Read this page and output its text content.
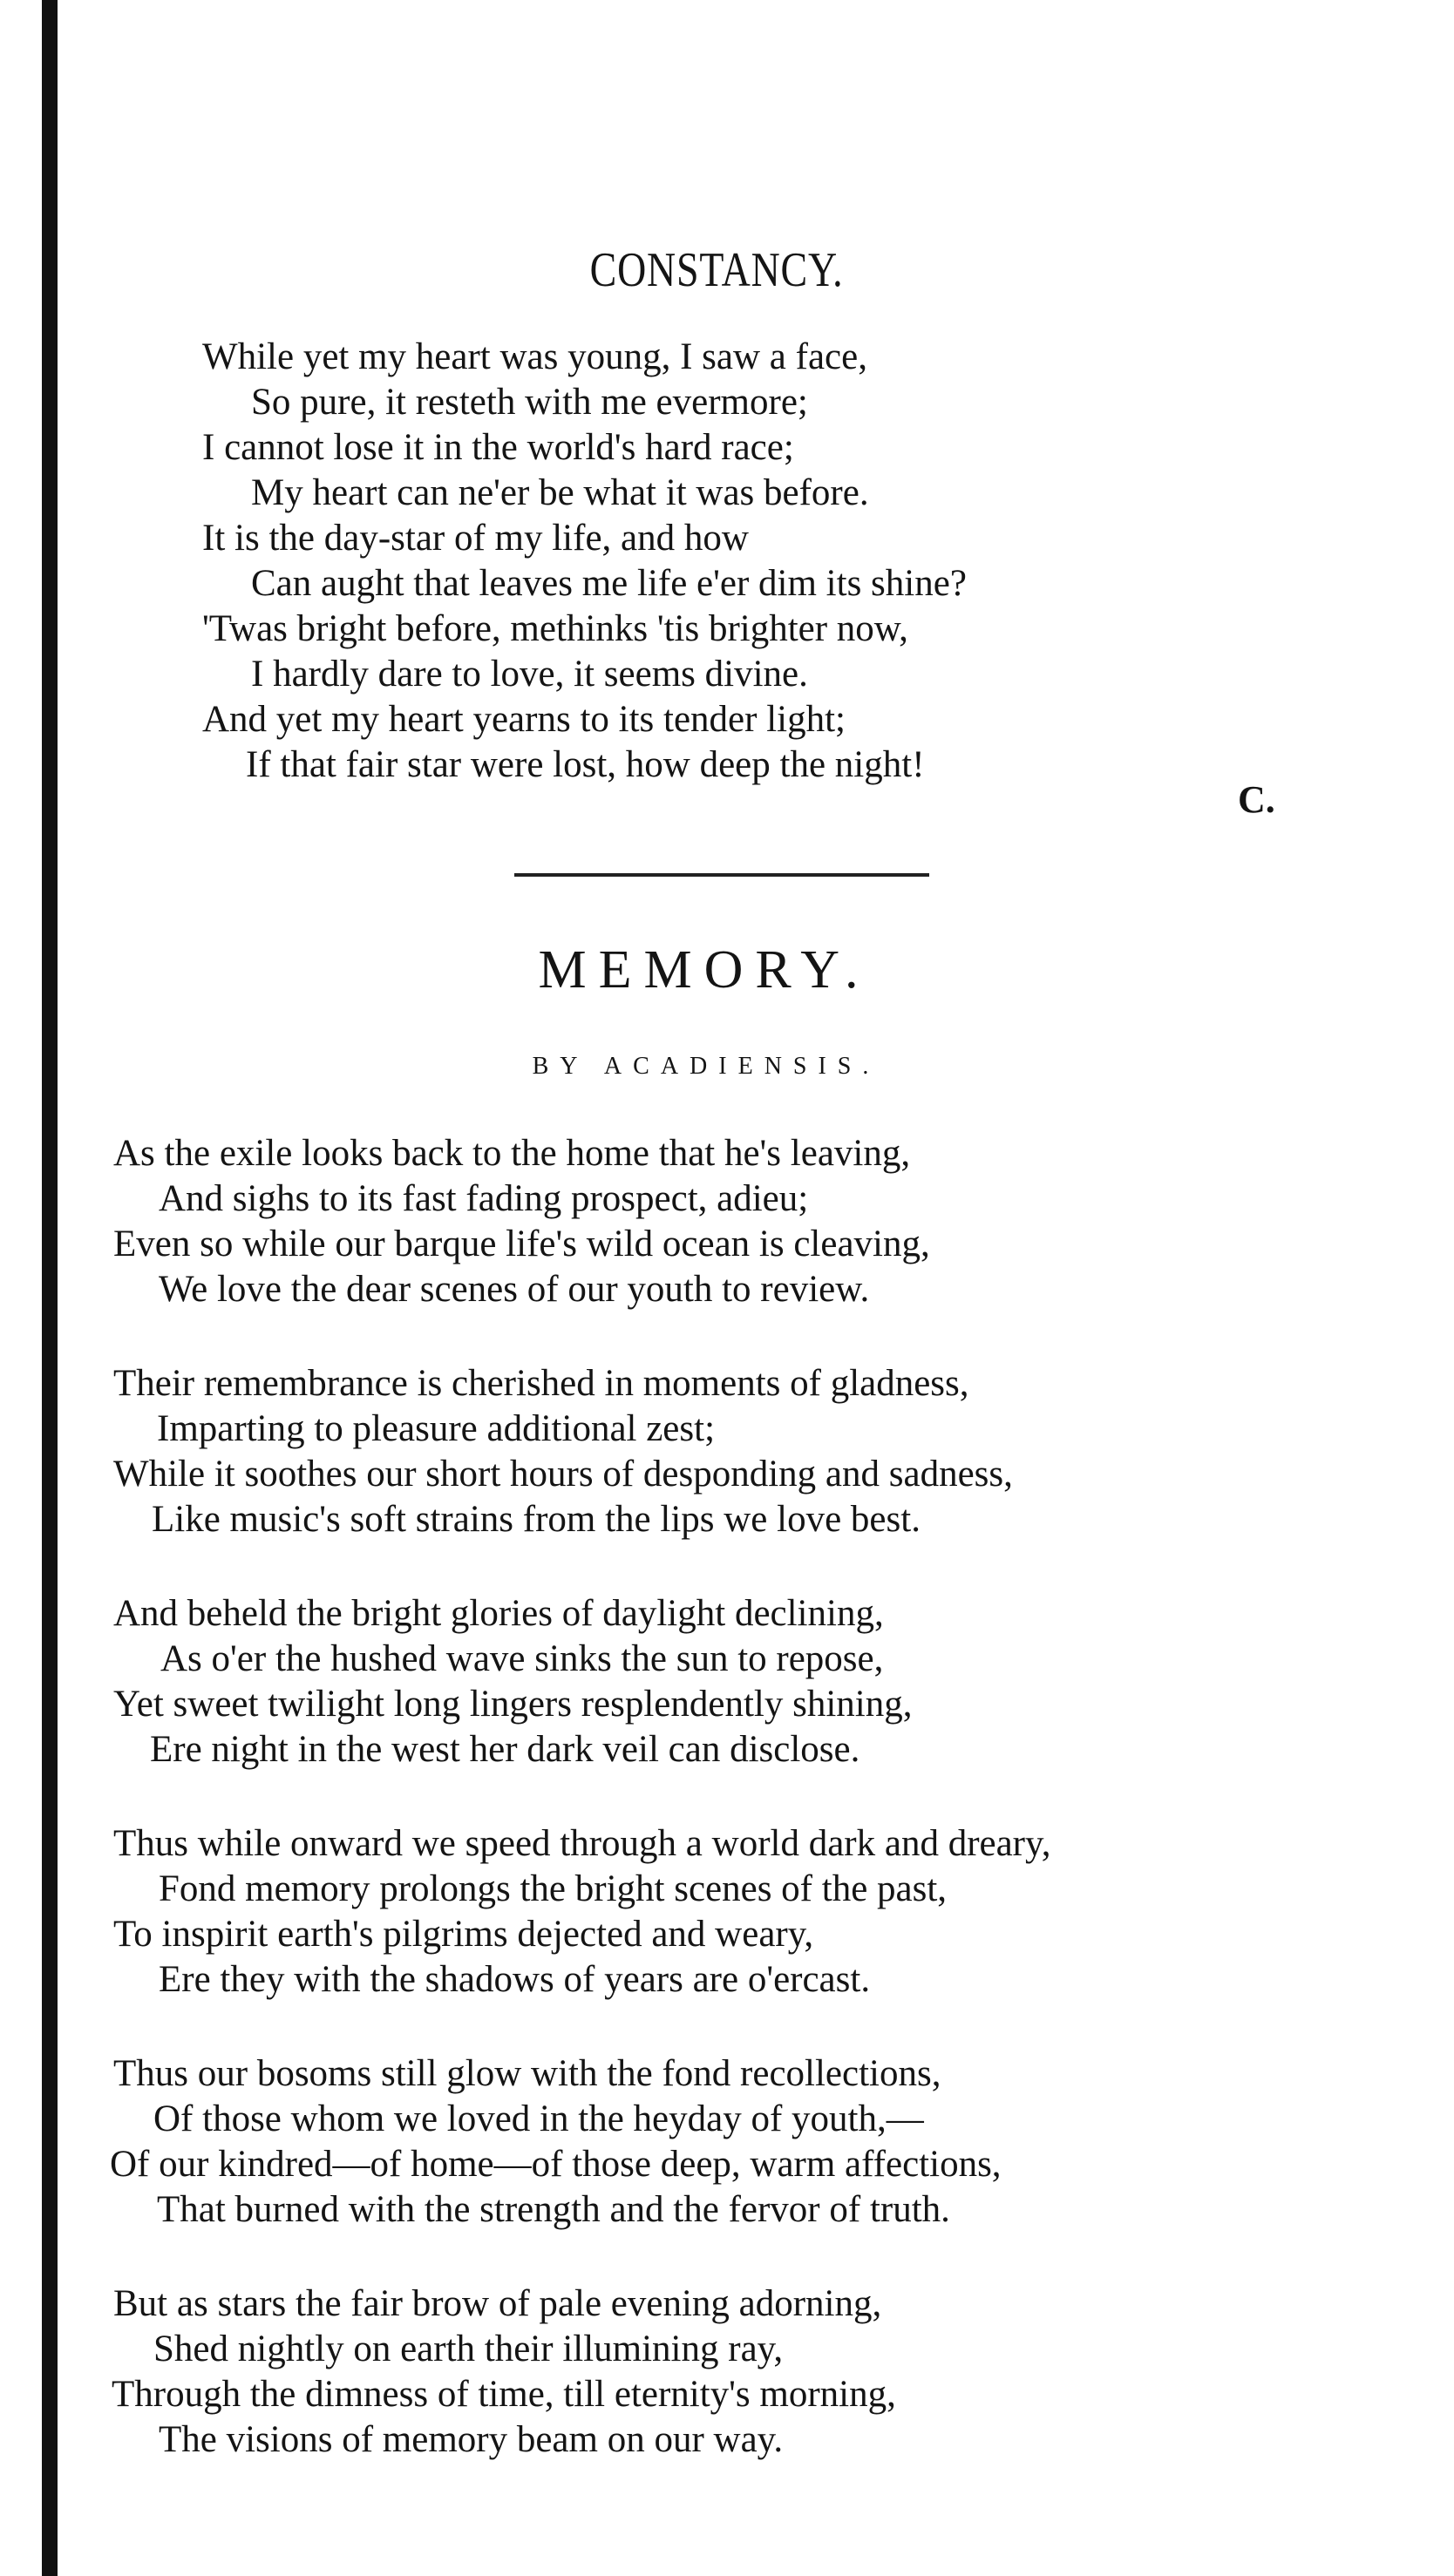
CONSTANCY.

While yet my heart was young, I saw a face,

So pure, it resteth with me evermore;

I cannot lose it in the world's hard race;

My heart can ne'er be what it was before.

It is the day-star of my life, and how

Can aught that leaves me life e'er dim its shine?

'Twas bright before, methinks 'tis brighter now,

I hardly dare to love, it seems divine.

And yet my heart yearns to its tender light;

If that fair star were lost, how deep the night!

C.

MEMORY.

BY ACADIENSIS.

As the exile looks back to the home that he's leaving,

And sighs to its fast fading prospect, adieu;

Even so while our barque life's wild ocean is cleaving,

We love the dear scenes of our youth to review.

Their remembrance is cherished in moments of gladness,

Imparting to pleasure additional zest;

While it soothes our short hours of desponding and sadness,

Like music's soft strains from the lips we love best.

And beheld the bright glories of daylight declining,

As o'er the hushed wave sinks the sun to repose,

Yet sweet twilight long lingers resplendently shining,

Ere night in the west her dark veil can disclose.

Thus while onward we speed through a world dark and dreary,

Fond memory prolongs the bright scenes of the past,

To inspirit earth's pilgrims dejected and weary,

Ere they with the shadows of years are o'ercast.

Thus our bosoms still glow with the fond recollections,

Of those whom we loved in the heyday of youth,—

Of our kindred—of home—of those deep, warm affections,

That burned with the strength and the fervor of truth.

But as stars the fair brow of pale evening adorning,

Shed nightly on earth their illumining ray,

Through the dimness of time, till eternity's morning,

The visions of memory beam on our way.
